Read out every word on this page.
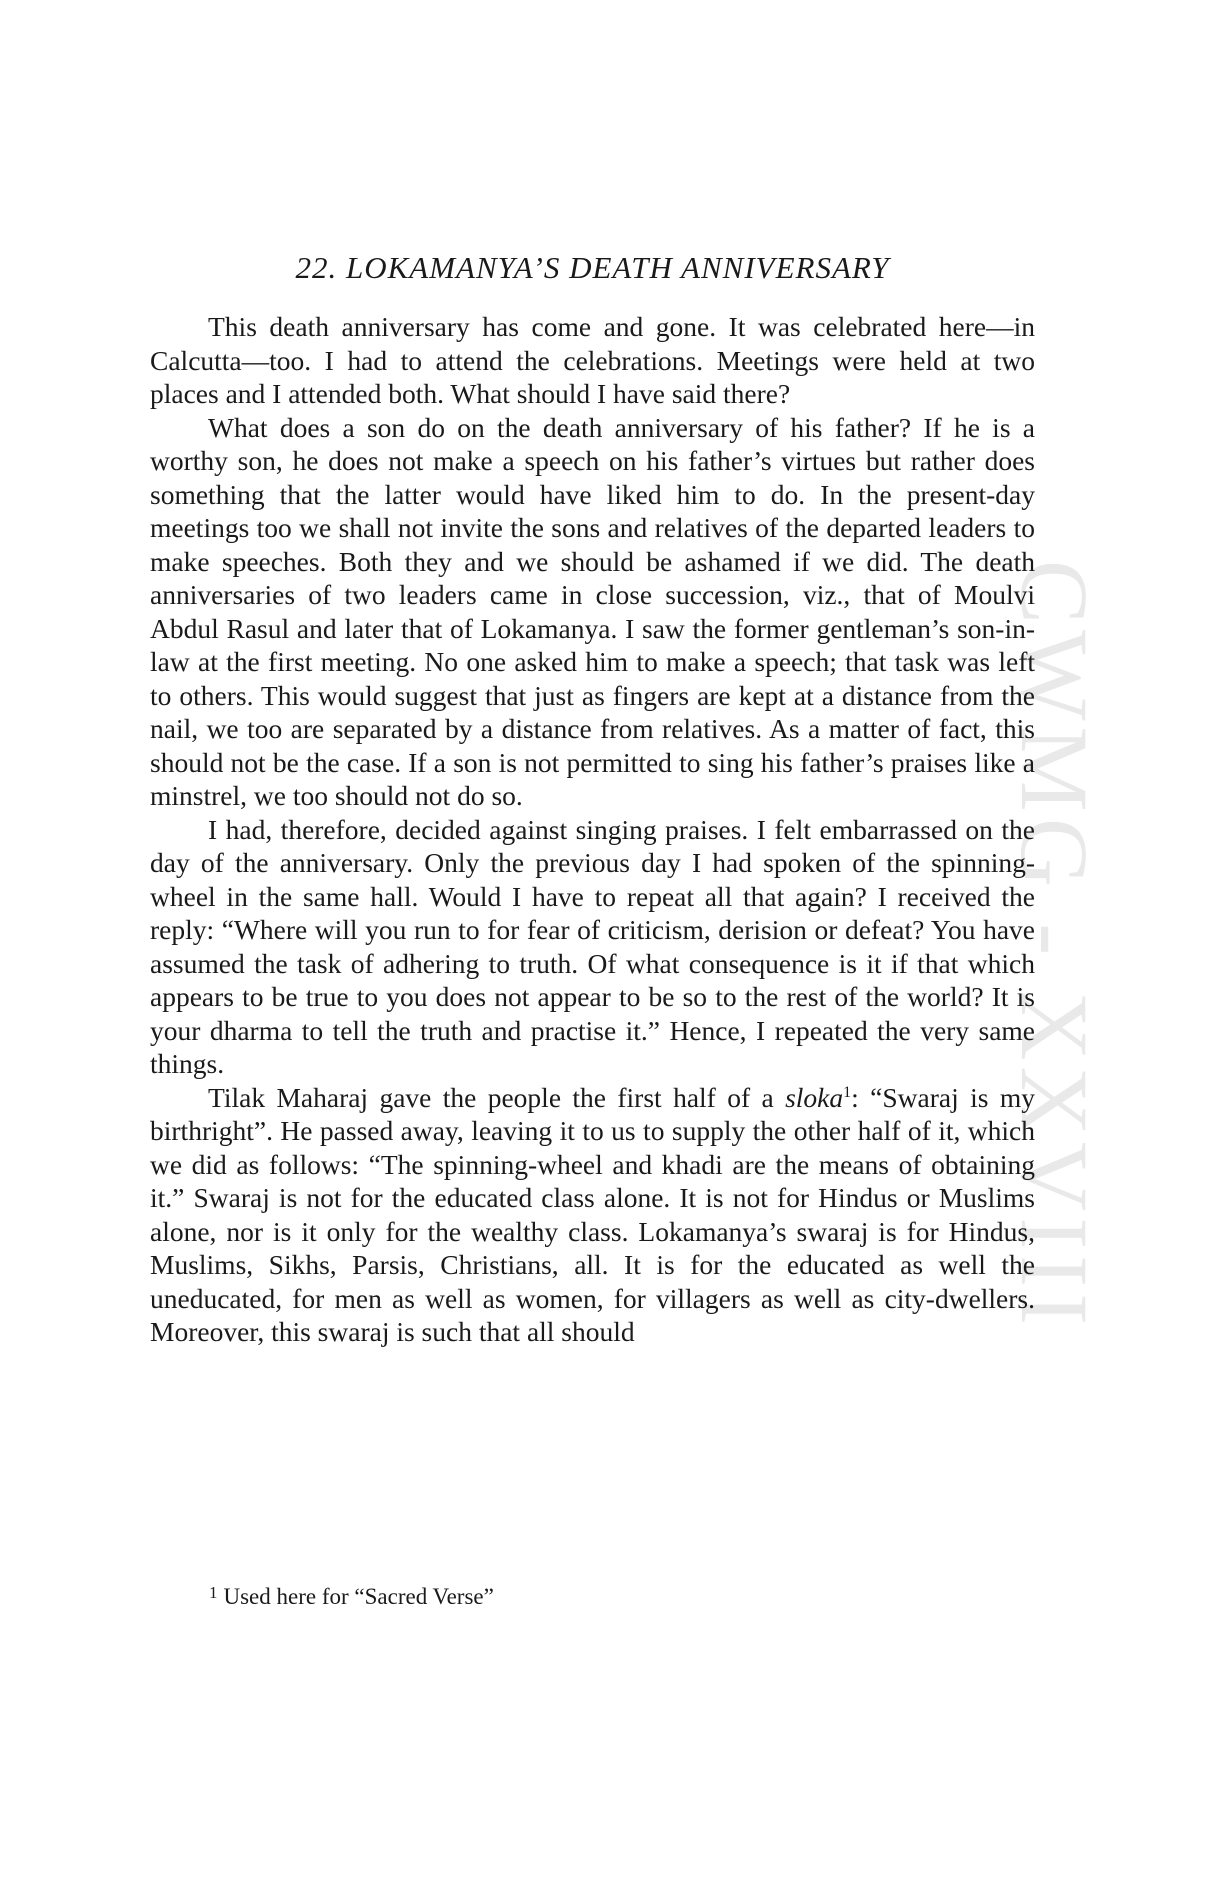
CWMG - XXVIII
22. LOKAMANYA’S DEATH ANNIVERSARY

This death anniversary has come and gone. It was celebrated here—in Calcutta—too. I had to attend the celebrations. Meetings were held at two places and I attended both. What should I have said there?

What does a son do on the death anniversary of his father? If he is a worthy son, he does not make a speech on his father’s virtues but rather does something that the latter would have liked him to do. In the present-day meetings too we shall not invite the sons and relatives of the departed leaders to make speeches. Both they and we should be ashamed if we did. The death anniversaries of two leaders came in close succession, viz., that of Moulvi Abdul Rasul and later that of Lokamanya. I saw the former gentleman’s son-in-law at the first meeting. No one asked him to make a speech; that task was left to others. This would suggest that just as fingers are kept at a distance from the nail, we too are separated by a distance from relatives. As a matter of fact, this should not be the case. If a son is not permitted to sing his father’s praises like a minstrel, we too should not do so.

I had, therefore, decided against singing praises. I felt embarrassed on the day of the anniversary. Only the previous day I had spoken of the spinning-wheel in the same hall. Would I have to repeat all that again? I received the reply: “Where will you run to for fear of criticism, derision or defeat? You have assumed the task of adhering to truth. Of what consequence is it if that which appears to be true to you does not appear to be so to the rest of the world? It is your dharma to tell the truth and practise it.” Hence, I repeated the very same things.

Tilak Maharaj gave the people the first half of a sloka$^1$: “Swaraj is my birthright”. He passed away, leaving it to us to supply the other half of it, which we did as follows: “The spinning-wheel and khadi are the means of obtaining it.” Swaraj is not for the educated class alone. It is not for Hindus or Muslims alone, nor is it only for the wealthy class. Lokamanya’s swaraj is for Hindus, Muslims, Sikhs, Parsis, Christians, all. It is for the educated as well the uneducated, for men as well as women, for villagers as well as city-dwellers. Moreover, this swaraj is such that all should

$^1$ Used here for “Sacred Verse”
